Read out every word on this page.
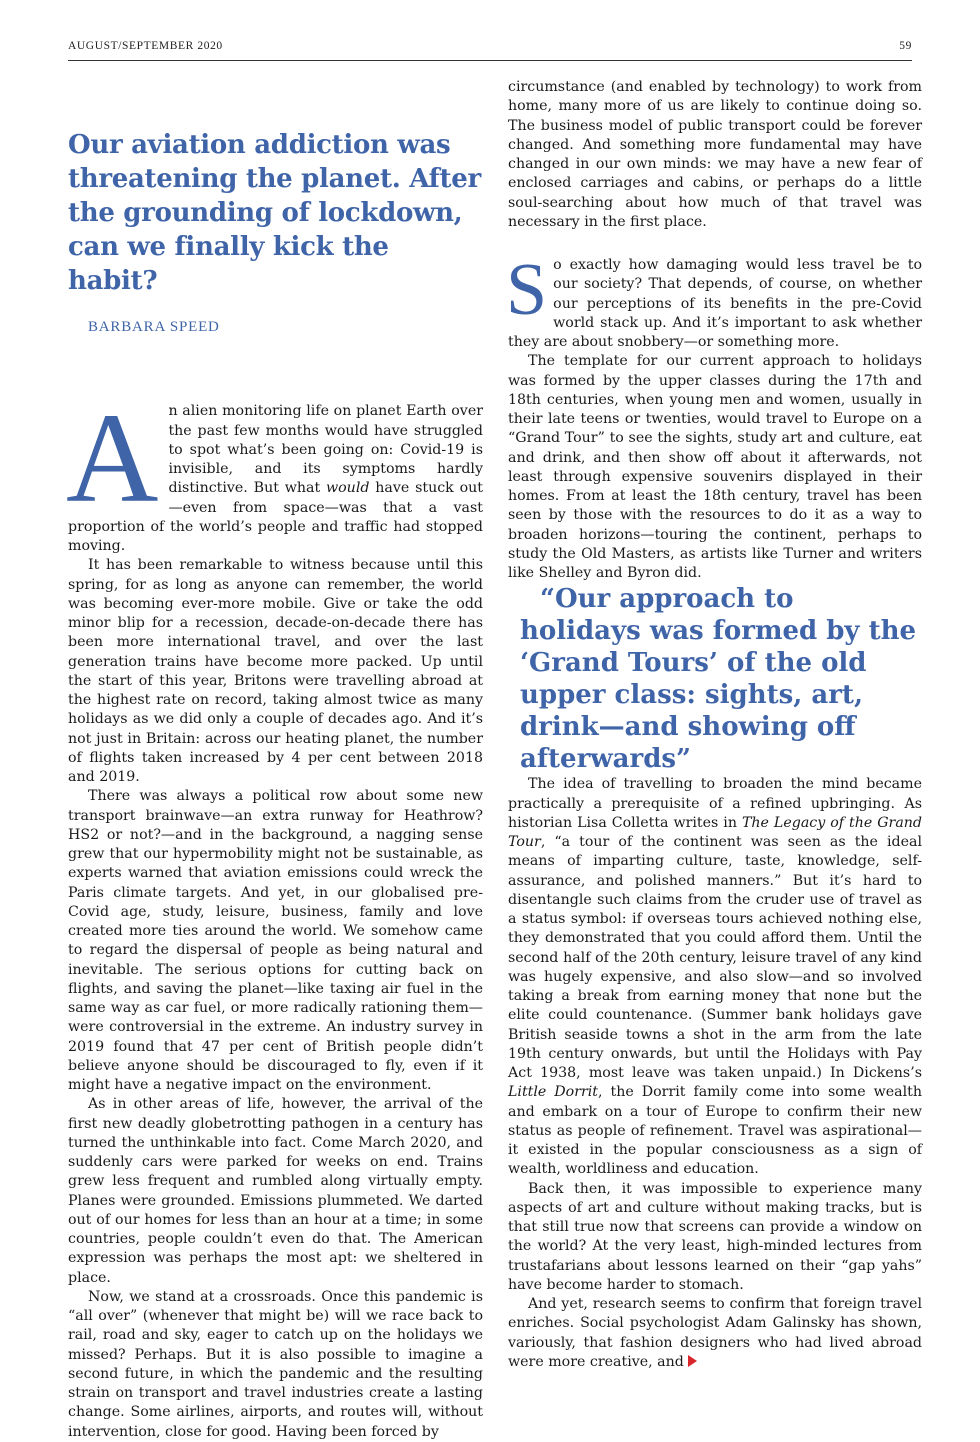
AUGUST/SEPTEMBER 2020	59
Our aviation addiction was threatening the planet. After the grounding of lockdown, can we finally kick the habit?

BARBARA SPEED

An alien monitoring life on planet Earth over the past few months would have struggled to spot what’s been going on: Covid-19 is invisible, and its symptoms hardly distinctive. But what would have stuck out—even from space—was that a vast proportion of the world’s people and traffic had stopped moving.

It has been remarkable to witness because until this spring, for as long as anyone can remember, the world was becoming ever-more mobile. Give or take the odd minor blip for a recession, decade-on-decade there has been more international travel, and over the last generation trains have become more packed. Up until the start of this year, Britons were travelling abroad at the highest rate on record, taking almost twice as many holidays as we did only a couple of decades ago. And it’s not just in Britain: across our heating planet, the number of flights taken increased by 4 per cent between 2018 and 2019.

There was always a political row about some new transport brainwave—an extra runway for Heathrow? HS2 or not?—and in the background, a nagging sense grew that our hypermobility might not be sustainable, as experts warned that aviation emissions could wreck the Paris climate targets. And yet, in our globalised pre-Covid age, study, leisure, business, family and love created more ties around the world. We somehow came to regard the dispersal of people as being natural and inevitable. The serious options for cutting back on flights, and saving the planet—like taxing air fuel in the same way as car fuel, or more radically rationing them—were controversial in the extreme. An industry survey in 2019 found that 47 per cent of British people didn’t believe anyone should be discouraged to fly, even if it might have a negative impact on the environment.

As in other areas of life, however, the arrival of the first new deadly globetrotting pathogen in a century has turned the unthinkable into fact. Come March 2020, and suddenly cars were parked for weeks on end. Trains grew less frequent and rumbled along virtually empty. Planes were grounded. Emissions plummeted. We darted out of our homes for less than an hour at a time; in some countries, people couldn’t even do that. The American expression was perhaps the most apt: we sheltered in place.

Now, we stand at a crossroads. Once this pandemic is “all over” (whenever that might be) will we race back to rail, road and sky, eager to catch up on the holidays we missed? Perhaps. But it is also possible to imagine a second future, in which the pandemic and the resulting strain on transport and travel industries create a lasting change. Some airlines, airports, and routes will, without intervention, close for good. Having been forced by

circumstance (and enabled by technology) to work from home, many more of us are likely to continue doing so. The business model of public transport could be forever changed. And something more fundamental may have changed in our own minds: we may have a new fear of enclosed carriages and cabins, or perhaps do a little soul-searching about how much of that travel was necessary in the first place.

So exactly how damaging would less travel be to our society? That depends, of course, on whether our perceptions of its benefits in the pre-Covid world stack up. And it’s important to ask whether they are about snobbery—or something more.

The template for our current approach to holidays was formed by the upper classes during the 17th and 18th centuries, when young men and women, usually in their late teens or twenties, would travel to Europe on a “Grand Tour” to see the sights, study art and culture, eat and drink, and then show off about it afterwards, not least through expensive souvenirs displayed in their homes. From at least the 18th century, travel has been seen by those with the resources to do it as a way to broaden horizons—touring the continent, perhaps to study the Old Masters, as artists like Turner and writers like Shelley and Byron did.

“Our approach to holidays was formed by the ‘Grand Tours’ of the old upper class: sights, art, drink—and showing off afterwards”

The idea of travelling to broaden the mind became practically a prerequisite of a refined upbringing. As historian Lisa Colletta writes in The Legacy of the Grand Tour, “a tour of the continent was seen as the ideal means of imparting culture, taste, knowledge, self-assurance, and polished manners.” But it’s hard to disentangle such claims from the cruder use of travel as a status symbol: if overseas tours achieved nothing else, they demonstrated that you could afford them. Until the second half of the 20th century, leisure travel of any kind was hugely expensive, and also slow—and so involved taking a break from earning money that none but the elite could countenance. (Summer bank holidays gave British seaside towns a shot in the arm from the late 19th century onwards, but until the Holidays with Pay Act 1938, most leave was taken unpaid.) In Dickens’s Little Dorrit, the Dorrit family come into some wealth and embark on a tour of Europe to confirm their new status as people of refinement. Travel was aspirational—it existed in the popular consciousness as a sign of wealth, worldliness and education.

Back then, it was impossible to experience many aspects of art and culture without making tracks, but is that still true now that screens can provide a window on the world? At the very least, high-minded lectures from trustafarians about lessons learned on their “gap yahs” have become harder to stomach.

And yet, research seems to confirm that foreign travel enriches. Social psychologist Adam Galinsky has shown, variously, that fashion designers who had lived abroad were more creative, and
